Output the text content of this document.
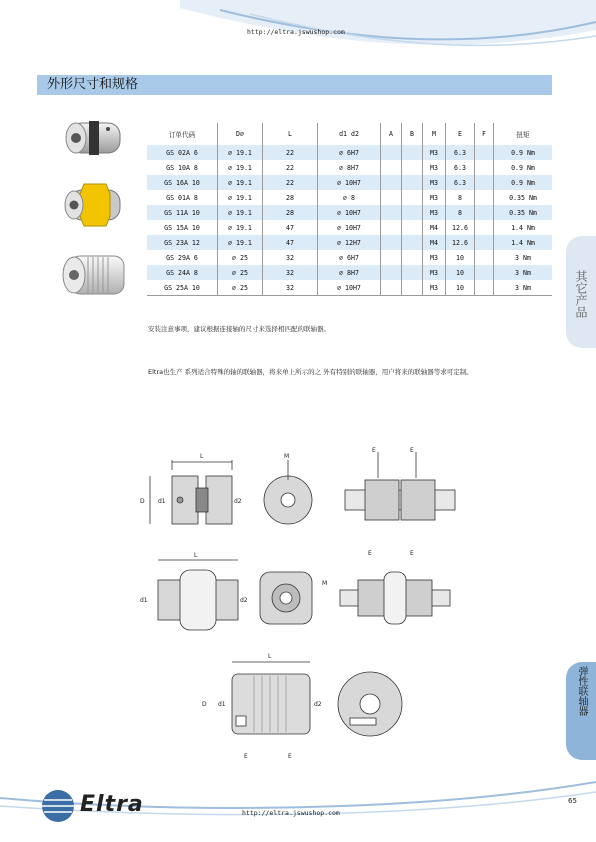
http://eltra.jswushop.com
外形尺寸和规格
订单代码	D∅	L	d1 d2	A	B	M	E	F	扭矩
GS 02A 6	⌀ 19.1	22	⌀ 6H7			M3	6.3		0.9 Nm
GS 10A 8	⌀ 19.1	22	⌀ 8H7			M3	6.3		0.9 Nm
GS 16A 10	⌀ 19.1	22	⌀ 10H7			M3	6.3		0.9 Nm
GS 01A 8	⌀ 19.1	28	⌀ 8			M3	8		0.35 Nm
GS 11A 10	⌀ 19.1	28	⌀ 10H7			M3	8		0.35 Nm
GS 15A 10	⌀ 19.1	47	⌀ 10H7			M4	12.6		1.4 Nm
GS 23A 12	⌀ 19.1	47	⌀ 12H7			M4	12.6		1.4 Nm
GS 29A 6	⌀ 25	32	⌀ 6H7			M3	10		3 Nm
GS 24A 8	⌀ 25	32	⌀ 8H7			M3	10		3 Nm
GS 25A 10	⌀ 25	32	⌀ 10H7			M3	10		3 Nm
安装注意事项，建议根据连接轴的尺寸来选择相匹配的联轴器。
Eltra也生产 系列适合特殊的轴的联轴器，将来单上所示的之 外有特别的联轴器，用户将来的联轴器等求可定制。
其它产品
弹性联轴器
L
D d1	d2
M
E	E
L
d1	d2
M
E	E
L
D d1	d2
E	E
Eltra	http://eltra.jswushop.com
65
